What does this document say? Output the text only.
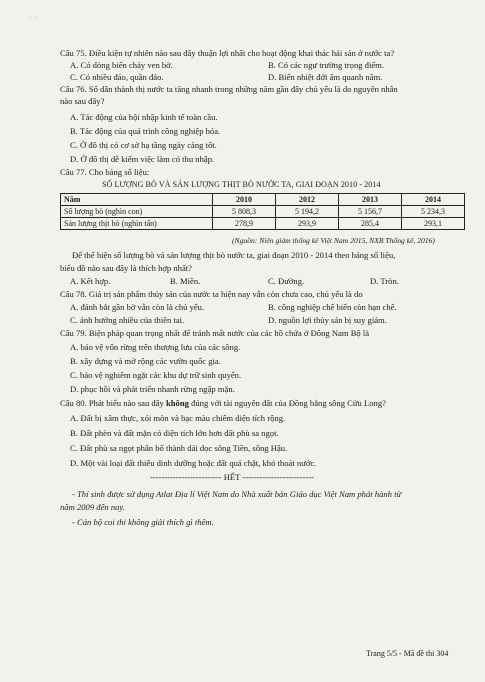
·  ·
Câu 75. Điều kiện tự nhiên nào sau đây thuận lợi nhất cho hoạt động khai thác hải sản ở nước ta?
A. Có dòng biển chảy ven bờ.	B. Có các ngư trường trọng điểm.
C. Có nhiều đảo, quần đảo.	D. Biển nhiệt đới ẩm quanh năm.
Câu 76. Số dân thành thị nước ta tăng nhanh trong những năm gần đây chủ yếu là do nguyên nhân
nào sau đây?
A. Tác động của hội nhập kinh tế toàn cầu.
B. Tác động của quá trình công nghiệp hóa.
C. Ở đô thị có cơ sở hạ tầng ngày càng tốt.
D. Ở đô thị dễ kiếm việc làm có thu nhập.
Câu 77. Cho bảng số liệu:
SỐ LƯỢNG BÒ VÀ SẢN LƯỢNG THỊT BÒ NƯỚC TA, GIAI ĐOẠN 2010 - 2014
Năm	2010	2012	2013	2014
Số lượng bò (nghìn con)	5 808,3	5 194,2	5 156,7	5 234,3
Sản lượng thịt bò (nghìn tấn)	278,9	293,9	285,4	293,1
(Nguồn: Niên giám thống kê Việt Nam 2015, NXB Thống kê, 2016)
Để thể hiện số lượng bò và sản lượng thịt bò nước ta, giai đoạn 2010 - 2014 theo bảng số liệu,
biểu đồ nào sau đây là thích hợp nhất?
A. Kết hợp.	B. Miền.	C. Đường.	D. Tròn.
Câu 78. Giá trị sản phẩm thủy sản của nước ta hiện nay vẫn còn chưa cao, chủ yếu là do
A. đánh bắt gần bờ vẫn còn là chủ yếu.	B. công nghiệp chế biến còn hạn chế.
C. ảnh hưởng nhiều của thiên tai.	D. nguồn lợi thủy sản bị suy giảm.
Câu 79. Biện pháp quan trọng nhất để tránh mất nước của các hồ chứa ở Đông Nam Bộ là
A. bảo vệ vốn rừng trên thượng lưu của các sông.
B. xây dựng và mở rộng các vườn quốc gia.
C. bảo vệ nghiêm ngặt các khu dự trữ sinh quyển.
D. phục hồi và phát triển nhanh rừng ngập mặn.
Câu 80. Phát biểu nào sau đây không đúng với tài nguyên đất của Đồng bằng sông Cửu Long?
A. Đất bị xâm thực, xói mòn và bạc màu chiếm diện tích rộng.
B. Đất phèn và đất mặn có diện tích lớn hơn đất phù sa ngọt.
C. Đất phù sa ngọt phân bố thành dải dọc sông Tiền, sông Hậu.
D. Một vài loại đất thiếu dinh dưỡng hoặc đất quá chặt, khó thoát nước.
------------------------- HẾT -------------------------
- Thí sinh được sử dụng Atlat Địa lí Việt Nam do Nhà xuất bản Giáo dục Việt Nam phát hành từ
năm 2009 đến nay.
- Cán bộ coi thi không giải thích gì thêm.
Trang 5/5 - Mã đề thi 304
